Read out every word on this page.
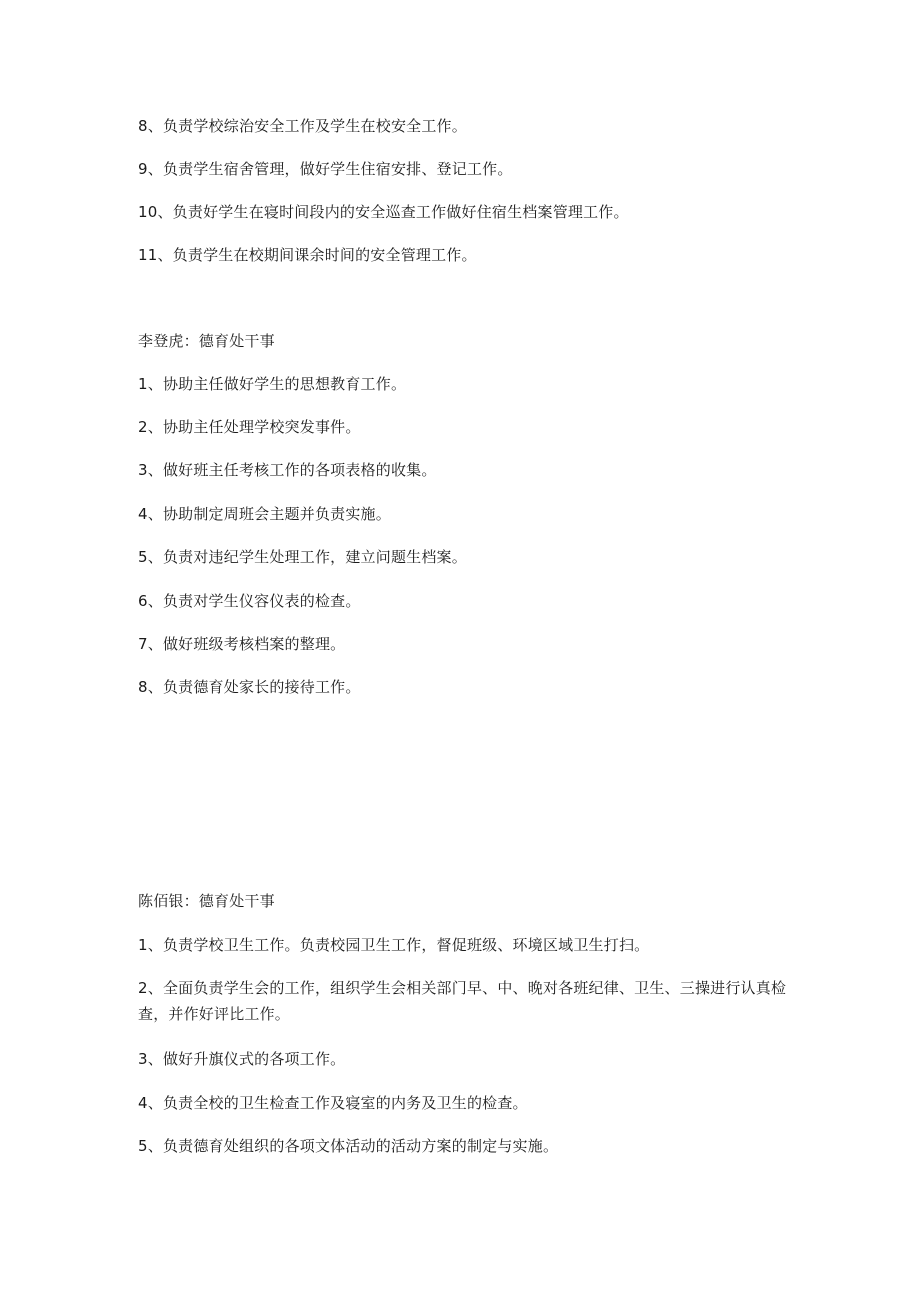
8、负责学校综治安全工作及学生在校安全工作。
9、负责学生宿舍管理，做好学生住宿安排、登记工作。
10、负责好学生在寝时间段内的安全巡查工作做好住宿生档案管理工作。
11、负责学生在校期间课余时间的安全管理工作。
李登虎：德育处干事
1、协助主任做好学生的思想教育工作。
2、协助主任处理学校突发事件。
3、做好班主任考核工作的各项表格的收集。
4、协助制定周班会主题并负责实施。
5、负责对违纪学生处理工作，建立问题生档案。
6、负责对学生仪容仪表的检查。
7、做好班级考核档案的整理。
8、负责德育处家长的接待工作。
陈佰银：德育处干事
1、负责学校卫生工作。负责校园卫生工作，督促班级、环境区域卫生打扫。
2、全面负责学生会的工作，组织学生会相关部门早、中、晚对各班纪律、卫生、三操进行认真检查，并作好评比工作。
3、做好升旗仪式的各项工作。
4、负责全校的卫生检查工作及寝室的内务及卫生的检查。
5、负责德育处组织的各项文体活动的活动方案的制定与实施。
